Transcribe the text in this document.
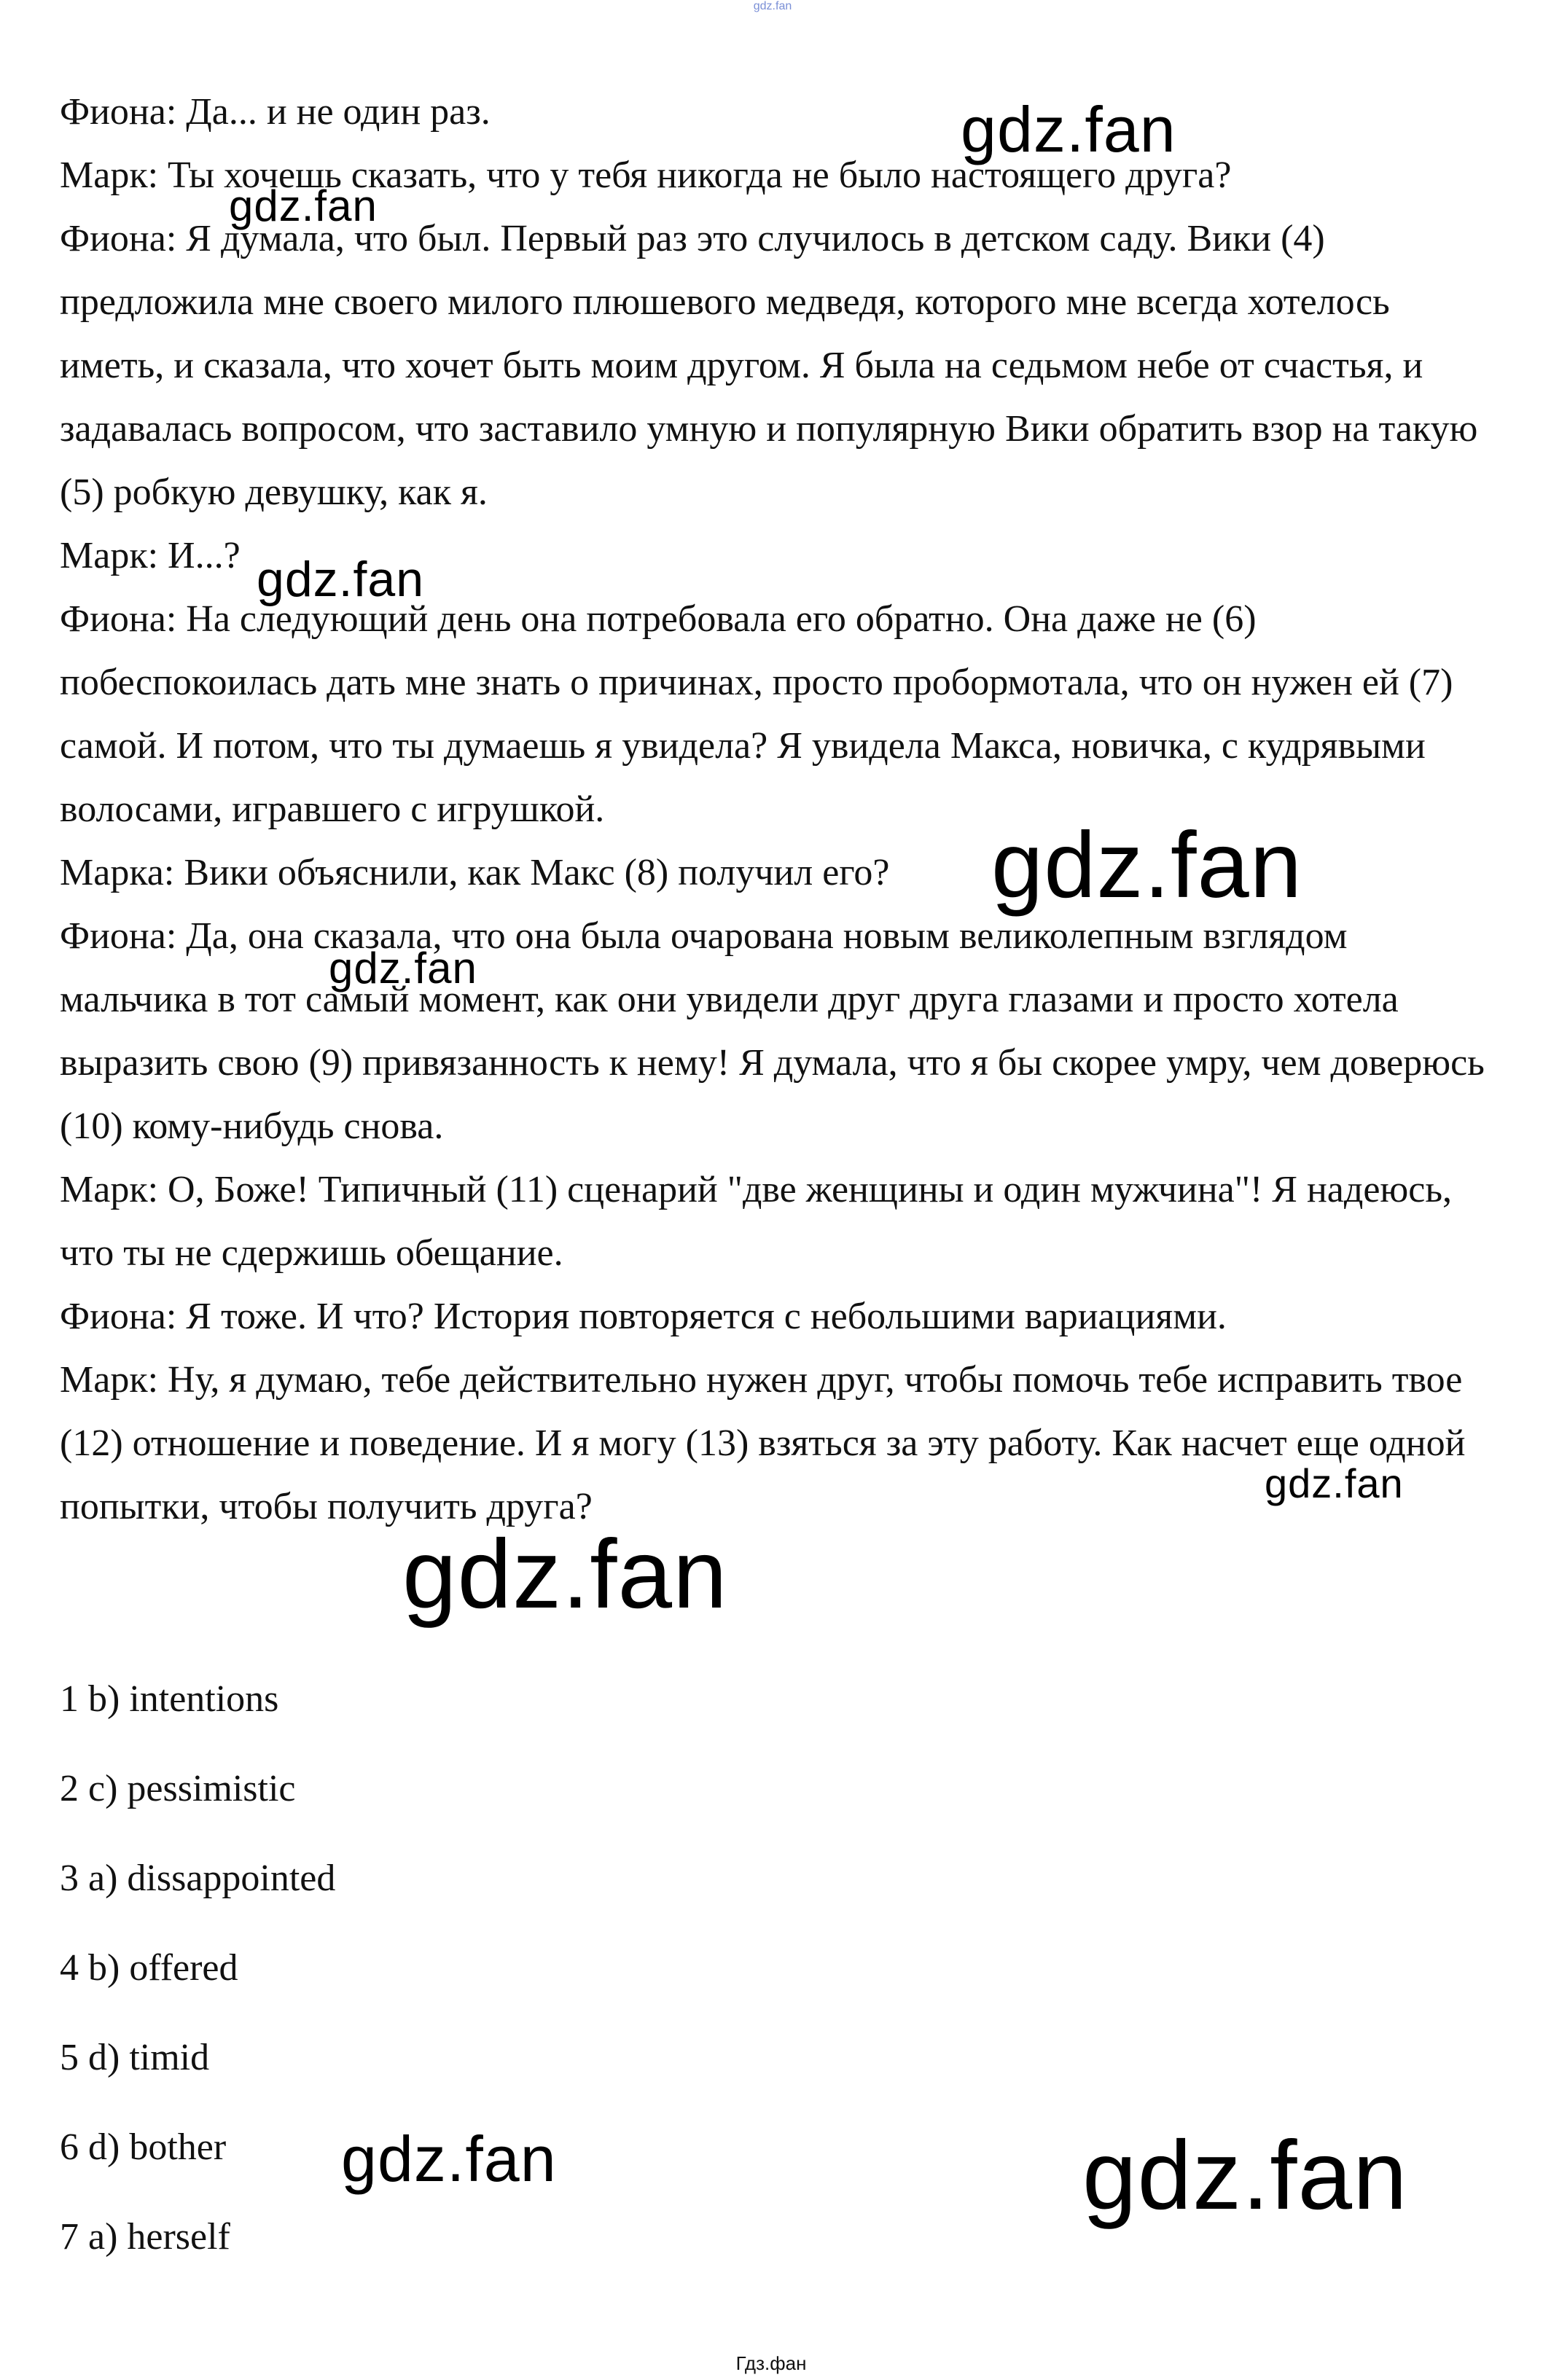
gdz.fan

Фиона: Да... и не один раз.

Марк: Ты хочешь сказать, что у тебя никогда не было настоящего друга?

Фиона: Я думала, что был. Первый раз это случилось в детском саду. Вики (4) предложила мне своего милого плюшевого медведя, которого мне всегда хотелось иметь, и сказала, что хочет быть моим другом. Я была на седьмом небе от счастья, и задавалась вопросом, что заставило умную и популярную Вики обратить взор на такую (5) робкую девушку, как я.

Марк: И...?

Фиона: На следующий день она потребовала его обратно. Она даже не (6) побеспокоилась дать мне знать о причинах, просто пробормотала, что он нужен ей (7) самой. И потом, что ты думаешь я увидела? Я увидела Макса, новичка, с кудрявыми волосами, игравшего с игрушкой.

Марка: Вики объяснили, как Макс (8) получил его?

Фиона: Да, она сказала, что она была очарована новым великолепным взглядом мальчика в тот самый момент, как они увидели друг друга глазами и просто хотела выразить свою (9) привязанность к нему! Я думала, что я бы скорее умру, чем доверюсь (10) кому-нибудь снова.

Марк: О, Боже! Типичный (11) сценарий "две женщины и один мужчина"! Я надеюсь, что ты не сдержишь обещание.

Фиона: Я тоже. И что? История повторяется с небольшими вариациями.

Марк: Ну, я думаю, тебе действительно нужен друг, чтобы помочь тебе исправить твое (12) отношение и поведение. И я могу (13) взяться за эту работу. Как насчет еще одной попытки, чтобы получить друга?

1 b) intentions

2 c) pessimistic

3 a) dissappointed

4 b) offered

5 d) timid

6 d) bother

7 a) herself

gdz.fan
gdz.fan
gdz.fan
gdz.fan
gdz.fan
gdz.fan
gdz.fan
gdz.fan	gdz.fan
Гдз.фан
